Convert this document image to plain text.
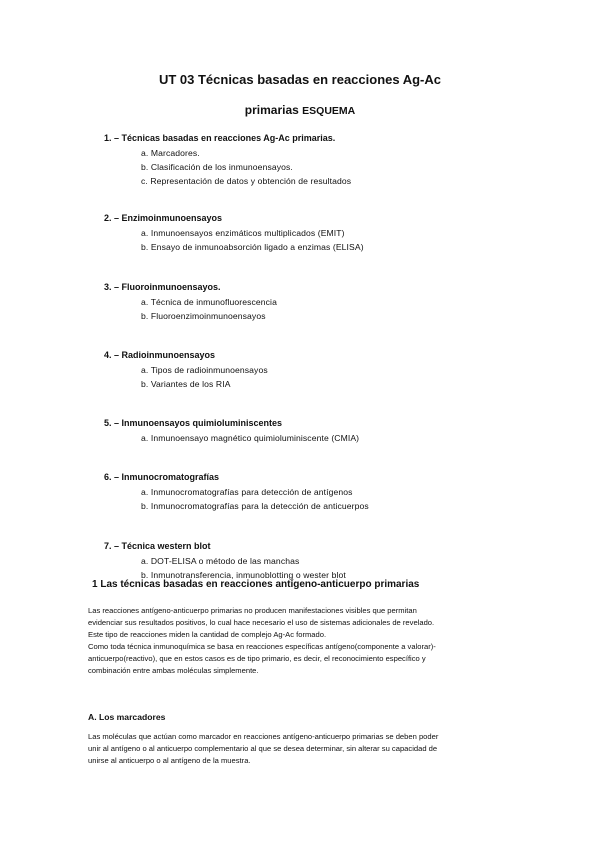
UT 03 Técnicas basadas en reacciones Ag-Ac
primarias ESQUEMA
1. – Técnicas basadas en reacciones Ag-Ac primarias.
a. Marcadores.
b. Clasificación de los inmunoensayos.
c. Representación de datos y obtención de resultados
2. – Enzimoinmunoensayos
a. Inmunoensayos enzimáticos multiplicados (EMIT)
b. Ensayo de inmunoabsorción ligado a enzimas (ELISA)
3. – Fluoroinmunoensayos.
a. Técnica de inmunofluorescencia
b. Fluoroenzimoinmunoensayos
4. – Radioinmunoensayos
a. Tipos de radioinmunoensayos
b. Variantes de los RIA
5. – Inmunoensayos quimioluminiscentes
a. Inmunoensayo magnético quimioluminiscente (CMIA)
6. – Inmunocromatografías
a. Inmunocromatografías para detección de antígenos
b. Inmunocromatografías para la detección de anticuerpos
7. – Técnica western blot
a. DOT-ELISA o método de las manchas
b. Inmunotransferencia, inmunoblotting o wester blot
1 Las técnicas basadas en reacciones antígeno-anticuerpo primarias
Las reacciones antígeno-anticuerpo primarias no producen manifestaciones visibles que permitan
evidenciar sus resultados positivos, lo cual hace necesario el uso de sistemas adicionales de revelado.
Este tipo de reacciones miden la cantidad de complejo Ag-Ac formado.
Como toda técnica inmunoquímica se basa en reacciones específicas antígeno(componente a valorar)-
anticuerpo(reactivo), que en estos casos es de tipo primario, es decir, el reconocimiento específico y
combinación entre ambas moléculas simplemente.
A. Los marcadores
Las moléculas que actúan como marcador en reacciones antígeno-anticuerpo primarias se deben poder
unir al antígeno o al anticuerpo complementario al que se desea determinar, sin alterar su capacidad de
unirse al anticuerpo o al antígeno de la muestra.
